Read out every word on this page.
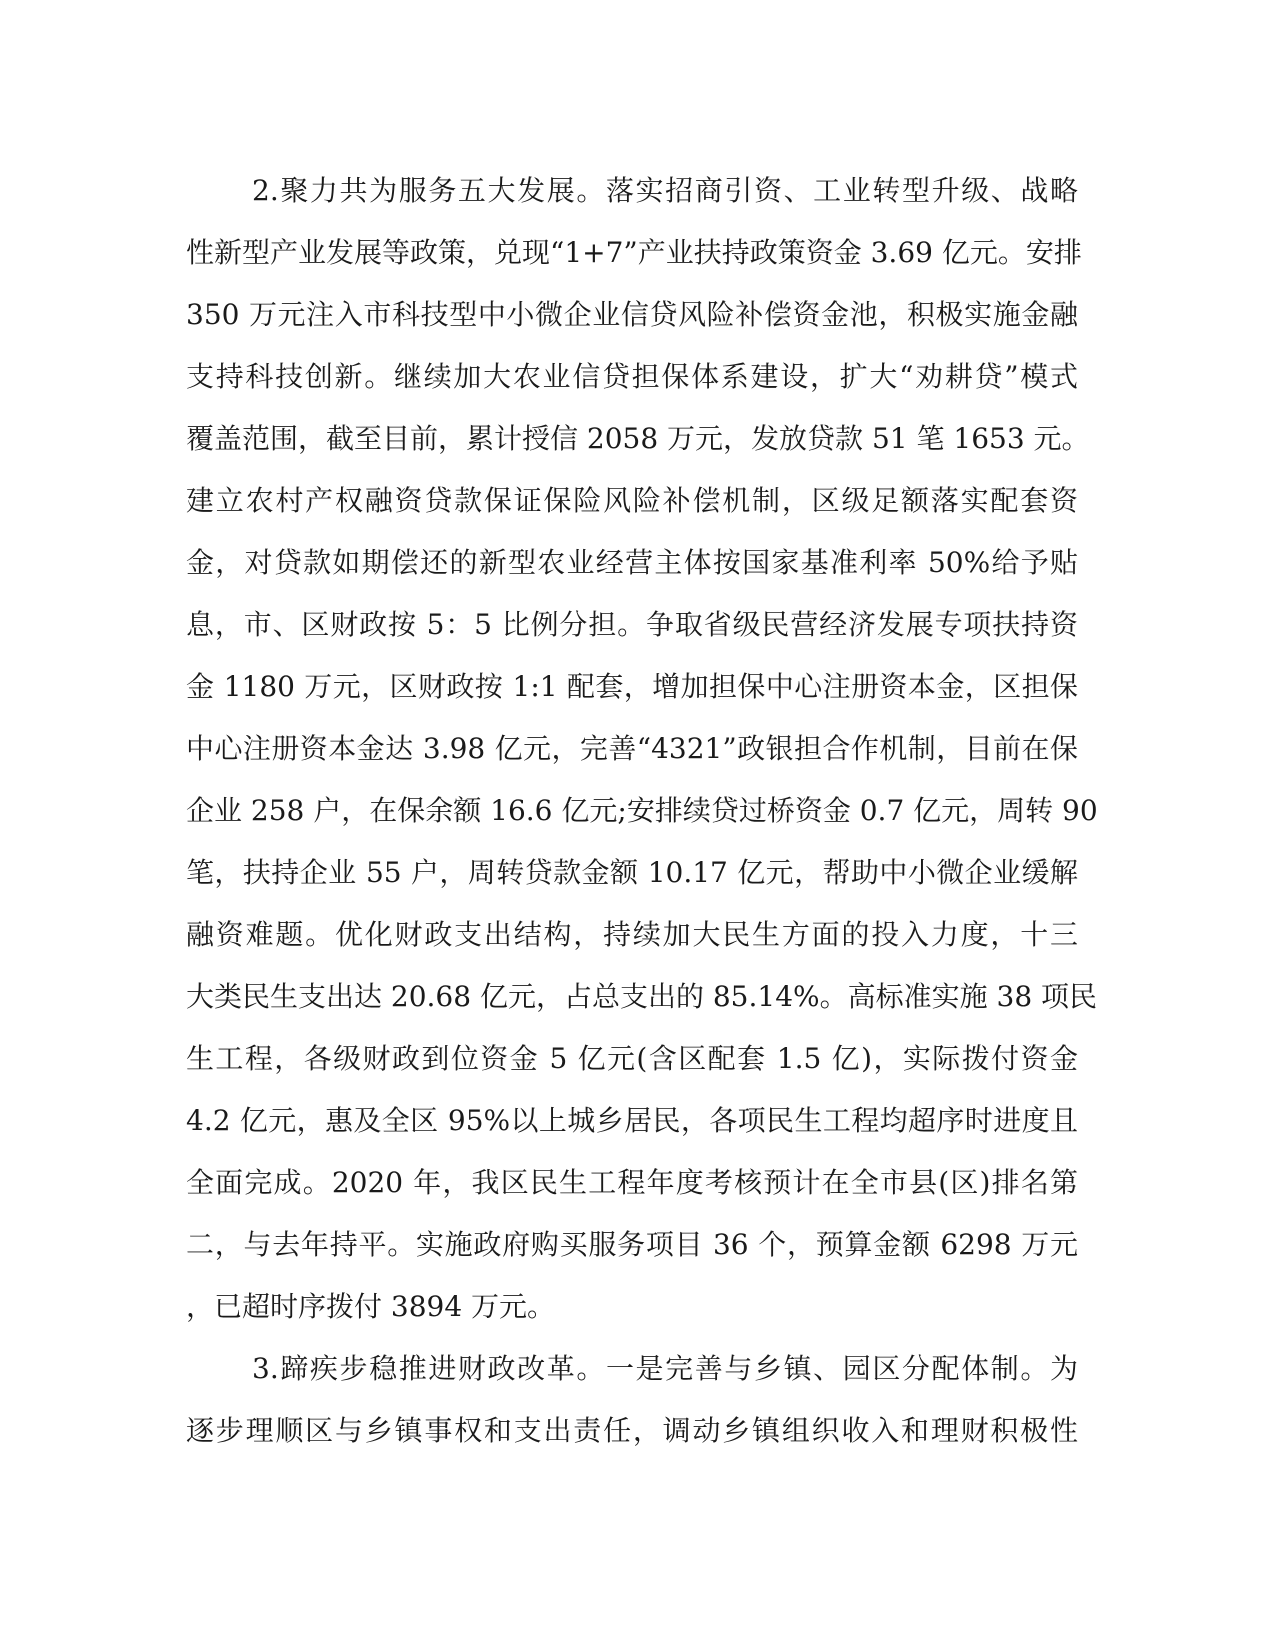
2.聚力共为服务五大发展。落实招商引资、工业转型升级、战略
性新型产业发展等政策，兑现“1+7”产业扶持政策资金 3.69 亿元。安排
350 万元注入市科技型中小微企业信贷风险补偿资金池，积极实施金融
支持科技创新。继续加大农业信贷担保体系建设，扩大“劝耕贷”模式
覆盖范围，截至目前，累计授信 2058 万元，发放贷款 51 笔 1653 元。
建立农村产权融资贷款保证保险风险补偿机制，区级足额落实配套资
金，对贷款如期偿还的新型农业经营主体按国家基准利率 50%给予贴
息，市、区财政按 5：5 比例分担。争取省级民营经济发展专项扶持资
金 1180 万元，区财政按 1:1 配套，增加担保中心注册资本金，区担保
中心注册资本金达 3.98 亿元，完善“4321”政银担合作机制，目前在保
企业 258 户，在保余额 16.6 亿元;安排续贷过桥资金 0.7 亿元，周转 90
笔，扶持企业 55 户，周转贷款金额 10.17 亿元，帮助中小微企业缓解
融资难题。优化财政支出结构，持续加大民生方面的投入力度，十三
大类民生支出达 20.68 亿元，占总支出的 85.14%。高标准实施 38 项民
生工程，各级财政到位资金 5 亿元(含区配套 1.5 亿)，实际拨付资金
4.2 亿元，惠及全区 95%以上城乡居民，各项民生工程均超序时进度且
全面完成。2020 年，我区民生工程年度考核预计在全市县(区)排名第
二，与去年持平。实施政府购买服务项目 36 个，预算金额 6298 万元
，已超时序拨付 3894 万元。
3.蹄疾步稳推进财政改革。一是完善与乡镇、园区分配体制。为
逐步理顺区与乡镇事权和支出责任，调动乡镇组织收入和理财积极性
